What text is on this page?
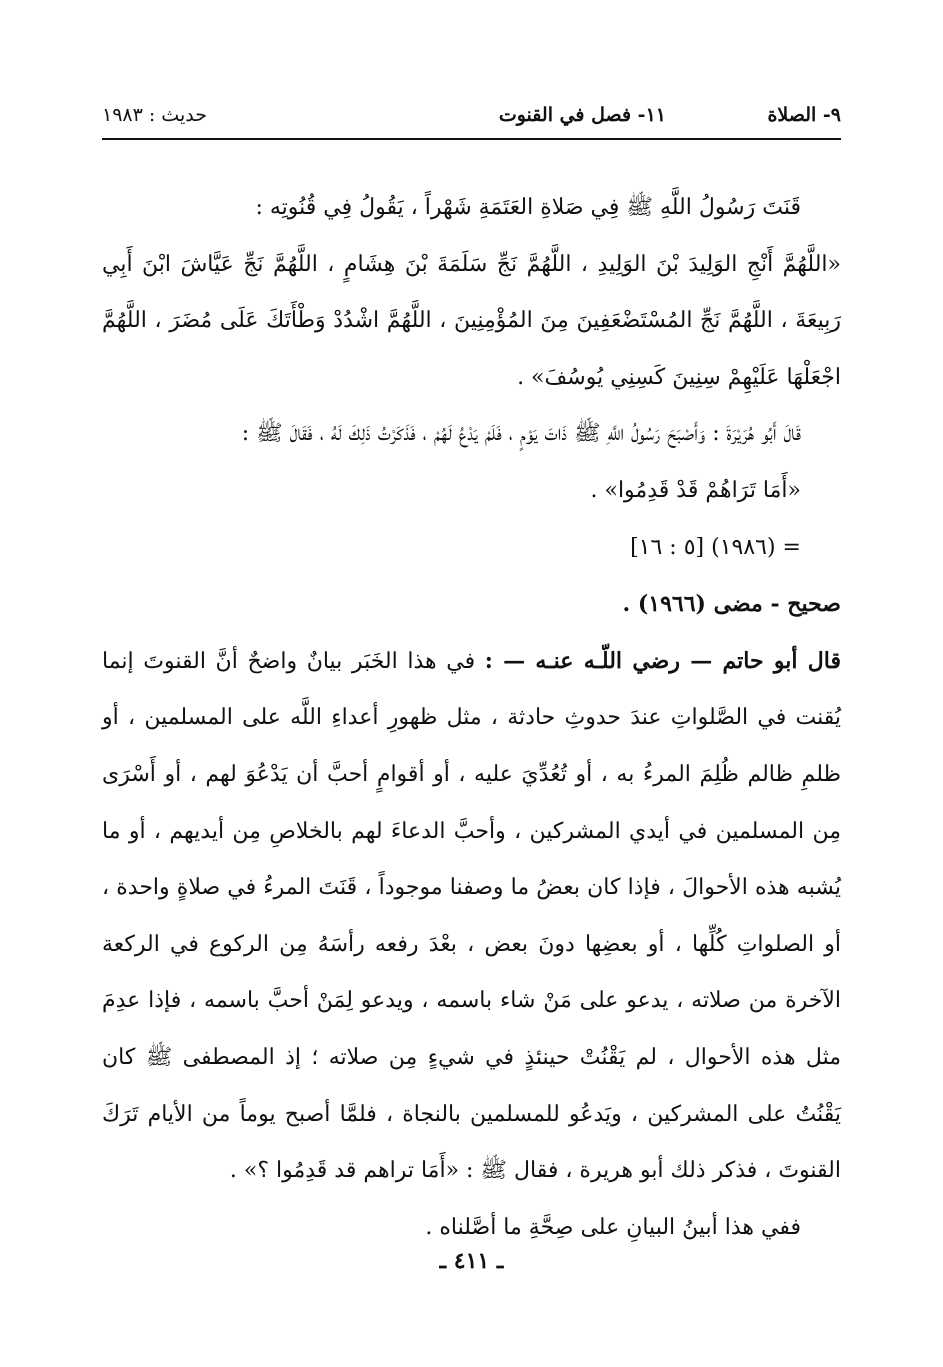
٩- الصلاة
١١- فصل في القنوت
حديث : ١٩٨٣

قَنَتَ رَسُولُ اللَّهِ ﷺ فِي صَلاةِ العَتَمَةِ شَهْراً ، يَقُولُ فِي قُنُوتِه :

«اللَّهُمَّ أَنْجِ الوَلِيدَ بْنَ الوَلِيدِ ، اللَّهُمَّ نَجِّ سَلَمَةَ بْنَ هِشَامٍ ، اللَّهُمَّ نَجِّ عَيَّاشَ ابْنَ أَبِي رَبِيعَةَ ، اللَّهُمَّ نَجِّ المُسْتَضْعَفِينَ مِنَ المُؤْمِنِينَ ، اللَّهُمَّ اشْدُدْ وَطْأَتَكَ عَلَى مُضَرَ ، اللَّهُمَّ اجْعَلْهَا عَلَيْهِمْ سِنِينَ كَسِنِي يُوسُفَ» .

قَالَ أَبُو هُرَيْرَةَ : وَأَصْبَحَ رَسُولُ اللَّهِ ﷺ ذَاتَ يَوْمٍ ، فَلَمْ يَدْعُ لَهُمْ ، فَذَكَرْتُ ذَلِكَ لَهُ ، فَقَالَ ﷺ :

«أَمَا تَرَاهُمْ قَدْ قَدِمُوا» .

= (١٩٨٦) [٥ : ١٦]

صحيح - مضى (١٩٦٦) .

قال أبو حاتم — رضي اللّـه عنـه — : في هذا الخَبَر بيانٌ واضحٌ أنَّ القنوتَ إنما يُقنت في الصَّلواتِ عندَ حدوثِ حادثة ، مثل ظهورِ أعداءِ اللَّه على المسلمين ، أو ظلمِ ظالم ظُلِمَ المرءُ به ، أو تُعُدِّيَ عليه ، أو أقوامٍ أحبَّ أن يَدْعُوَ لهم ، أو أَسْرَى مِن المسلمين في أيدي المشركين ، وأحبَّ الدعاءَ لهم بالخلاصِ مِن أيديهم ، أو ما يُشبه هذه الأحوالَ ، فإذا كان بعضُ ما وصفنا موجوداً ، قَنَتَ المرءُ في صلاةٍ واحدة ، أو الصلواتِ كُلِّها ، أو بعضِها دونَ بعض ، بعْدَ رفعه رأسَهُ مِن الركوع في الركعة الآخرة من صلاته ، يدعو على مَنْ شاء باسمه ، ويدعو لِمَنْ أحبَّ باسمه ، فإذا عدِمَ مثل هذه الأحوال ، لم يَقْنُتْ حينئذٍ في شيءٍ مِن صلاته ؛ إذ المصطفى ﷺ كان يَقْنُتُ على المشركين ، ويَدعُو للمسلمين بالنجاة ، فلمَّا أصبح يوماً من الأيام تَرَكَ القنوتَ ، فذكر ذلك أبو هريرة ، فقال ﷺ : «أَمَا تراهم قد قَدِمُوا ؟» .

ففي هذا أبينُ البيانِ على صِحَّةِ ما أصَّلناه .

ـ ٤١١ ـ
